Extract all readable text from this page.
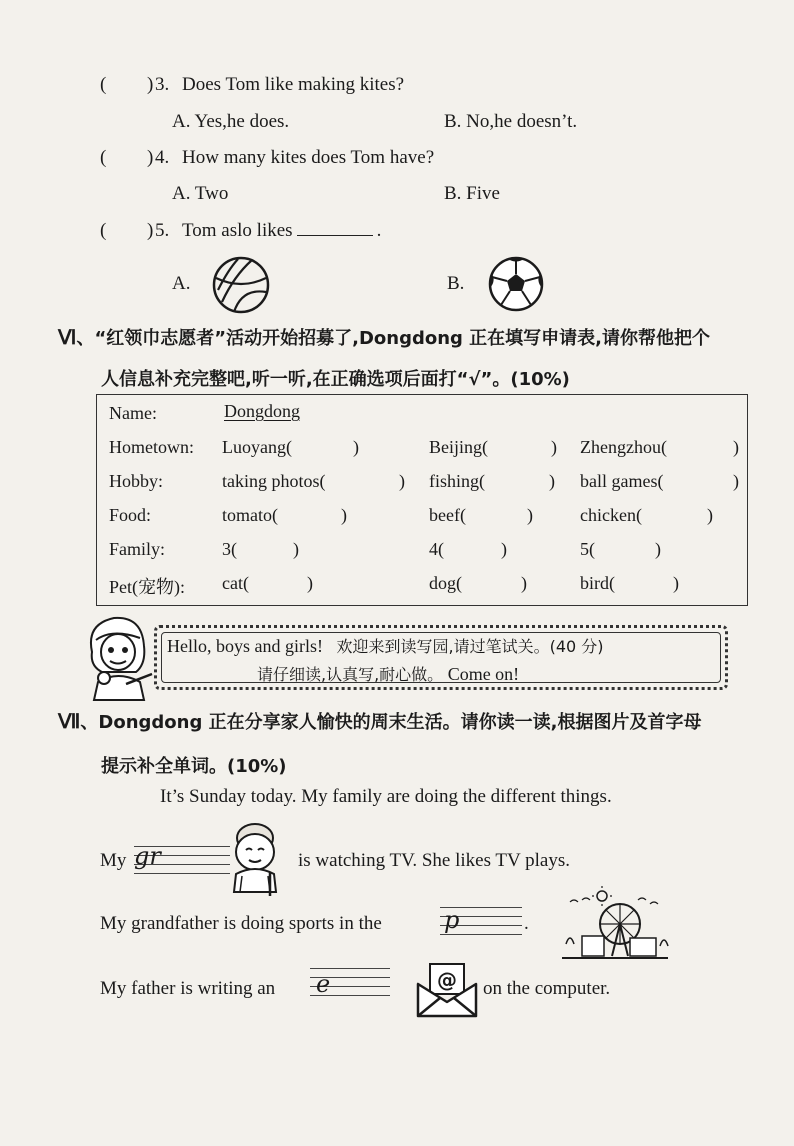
( ) 3. Does Tom like making kites?
A. Yes,he does.	B. No,he doesn’t.
( ) 4. How many kites does Tom have?
A. Two	B. Five
( ) 5. Tom aslo likes	.
A.	B.
Ⅵ、“红领巾志愿者”活动开始招募了,Dongdong 正在填写申请表,请你帮他把个
人信息补充完整吧,听一听,在正确选项后面打“√”。(10%)
Name:	Dongdong
Hometown: Luoyang(	)	Beijing(	) Zhengzhou(	)
Hobby:	taking photos(	) fishing(	) ball games(	)
Food:	tomato(	)	beef(	)	chicken(	)
Family:	3(	)	4(	)	5(	)
Pet(宠物): cat(	)	dog(	)	bird(	)
Hello, boys and girls! 欢迎来到读写园,请过笔试关。(40 分)
请仔细读,认真写,耐心做。 Come on!
Ⅶ、Dongdong 正在分享家人愉快的周末生活。请你读一读,根据图片及首字母
提示补全单词。(10%)
It’s Sunday today. My family are doing the different things.
My gr	is watching TV. She likes TV plays.
My grandfather is doing sports in the	p	.
My father is writing an e	@ on the computer.
